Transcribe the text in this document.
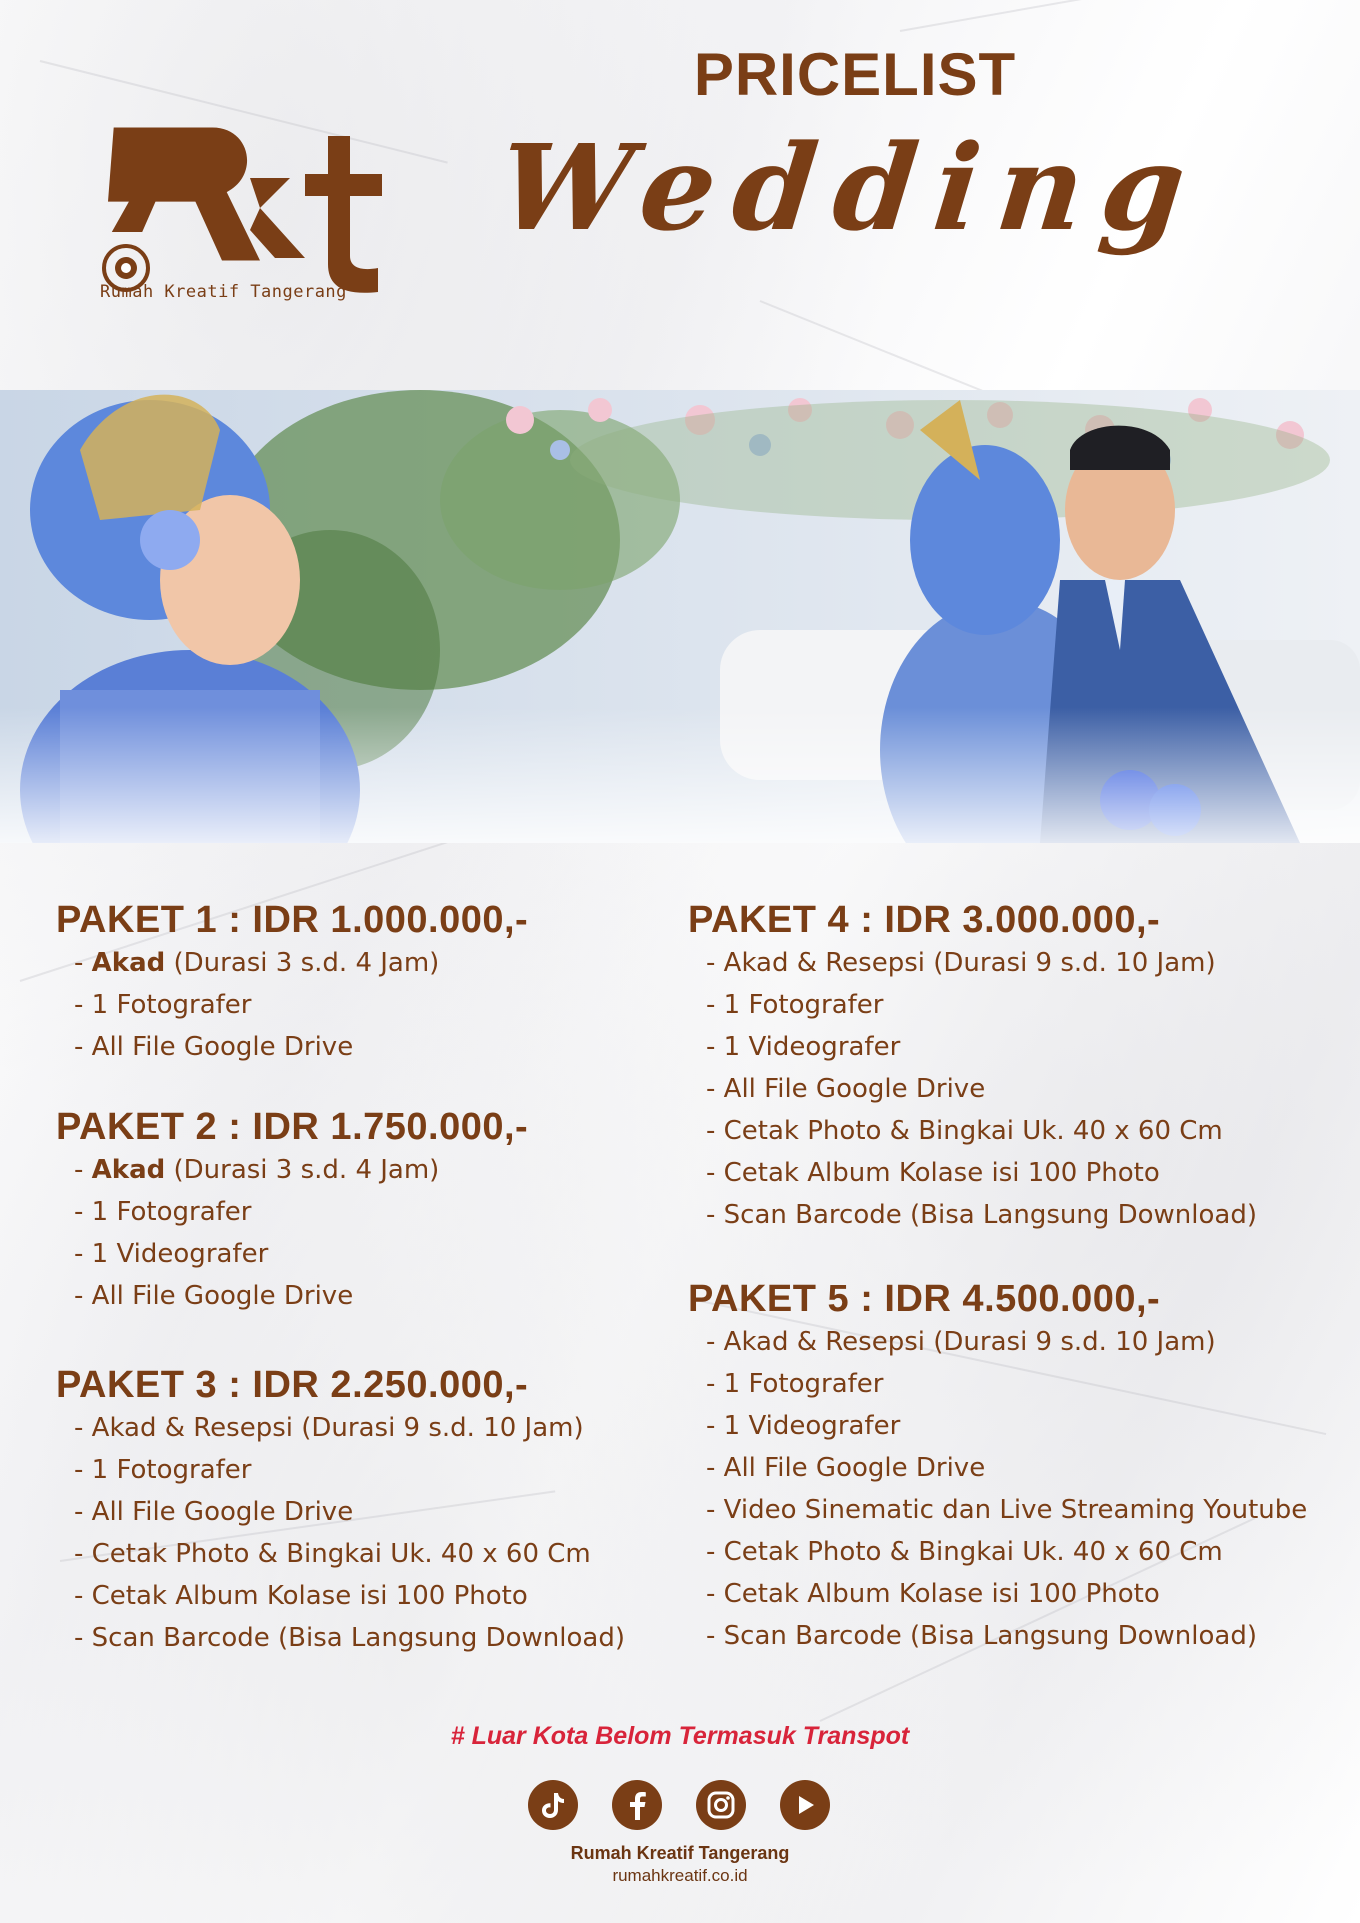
Rumah Kreatif Tangerang
PRICELIST
Wedding
PAKET 1 : IDR 1.000.000,-
- Akad (Durasi 3 s.d. 4 Jam)
- 1 Fotografer
- All File Google Drive
PAKET 2 : IDR 1.750.000,-
- Akad (Durasi 3 s.d. 4 Jam)
- 1 Fotografer
- 1 Videografer
- All File Google Drive
PAKET 3 : IDR 2.250.000,-
- Akad & Resepsi (Durasi 9 s.d. 10 Jam)
- 1 Fotografer
- All File Google Drive
- Cetak Photo & Bingkai Uk. 40 x 60 Cm
- Cetak Album Kolase isi 100 Photo
- Scan Barcode (Bisa Langsung Download)
PAKET 4 : IDR 3.000.000,-
- Akad & Resepsi (Durasi 9 s.d. 10 Jam)
- 1 Fotografer
- 1 Videografer
- All File Google Drive
- Cetak Photo & Bingkai Uk. 40 x 60 Cm
- Cetak Album Kolase isi 100 Photo
- Scan Barcode (Bisa Langsung Download)
PAKET 5 : IDR 4.500.000,-
- Akad & Resepsi (Durasi 9 s.d. 10 Jam)
- 1 Fotografer
- 1 Videografer
- All File Google Drive
- Video Sinematic dan Live Streaming Youtube
- Cetak Photo & Bingkai Uk. 40 x 60 Cm
- Cetak Album Kolase isi 100 Photo
- Scan Barcode (Bisa Langsung Download)
# Luar Kota Belom Termasuk Transpot
Rumah Kreatif Tangerang
rumahkreatif.co.id
